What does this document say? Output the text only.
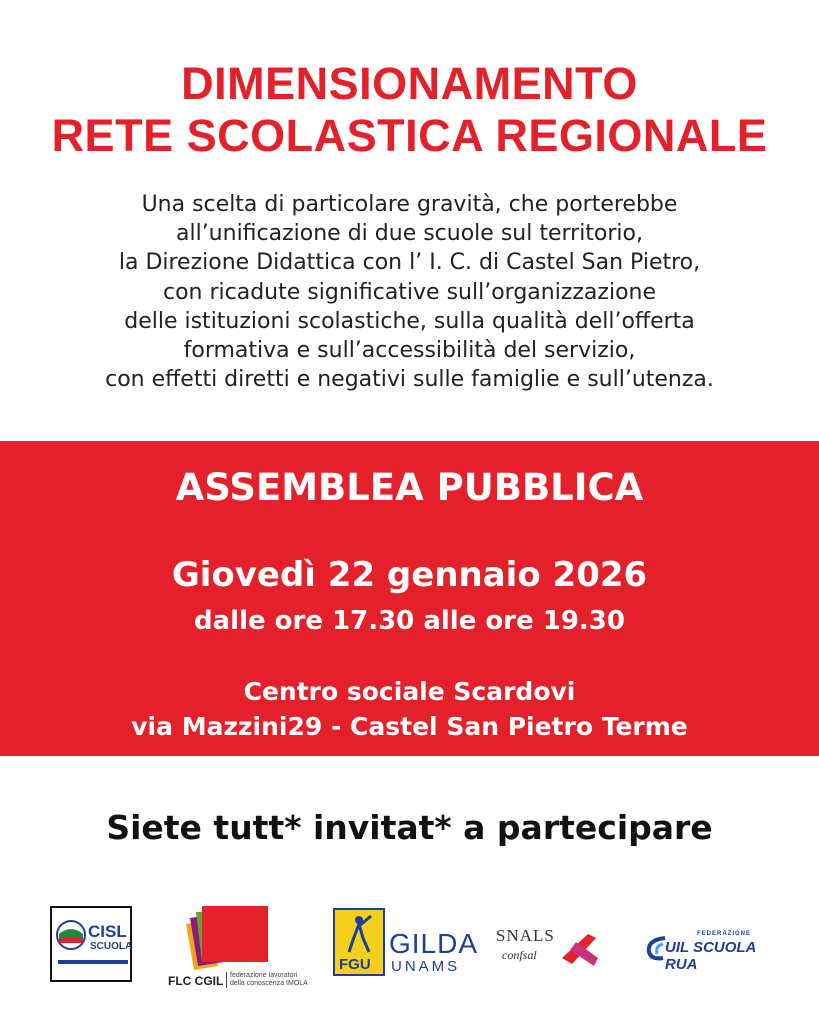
DIMENSIONAMENTO
RETE SCOLASTICA REGIONALE
Una scelta di particolare gravità, che porterebbe
all’unificazione di due scuole sul territorio,
la Direzione Didattica con l’ I. C. di Castel San Pietro,
con ricadute significative sull’organizzazione
delle istituzioni scolastiche, sulla qualità dell’offerta
formativa e sull’accessibilità del servizio,
con effetti diretti e negativi sulle famiglie e sull’utenza.
ASSEMBLEA PUBBLICA
Giovedì 22 gennaio 2026
dalle ore 17.30 alle ore 19.30
Centro sociale Scardovi
via Mazzini29 - Castel San Pietro Terme
Siete tutt* invitat* a partecipare
CISL
SCUOLA
FLC CGIL federazione lavoratori della conoscenza IMOLA
FGU
GILDA
UNAMS
SNALS
confsal
FEDERAZIONE
UIL SCUOLA RUA
